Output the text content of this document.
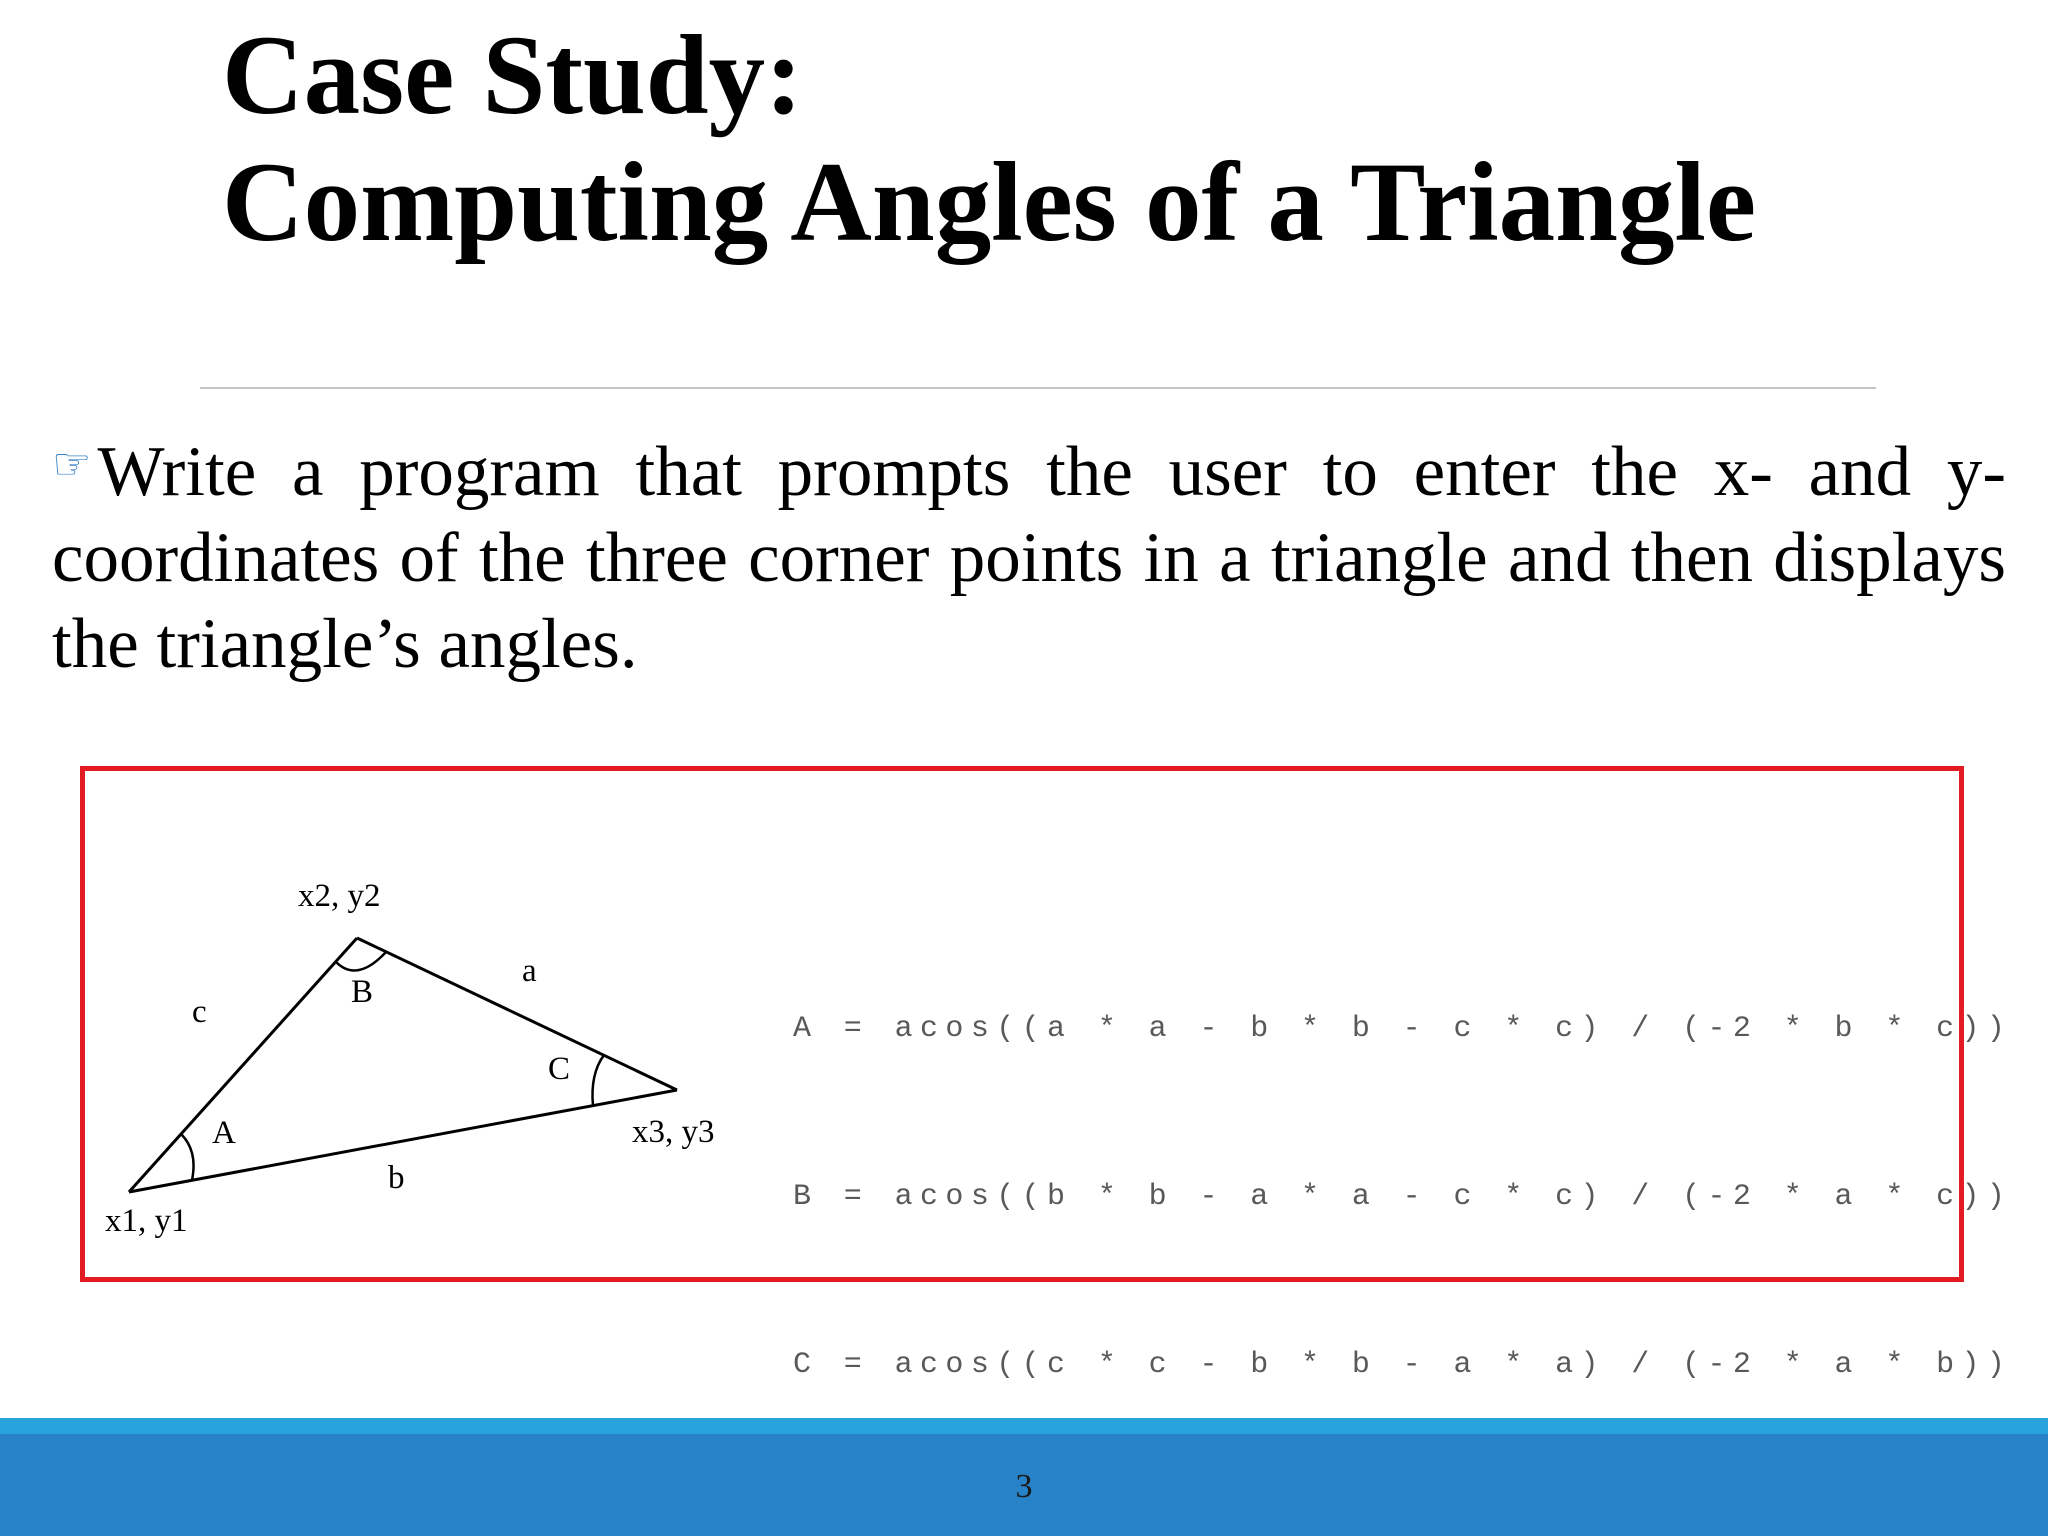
Case Study:
Computing Angles of a Triangle

☞Write a program that prompts the user to enter the x- and y-coordinates of the three corner points in a triangle and then displays the triangle’s angles.

x2, y2
x3, y3
x1, y1
B
C
A
a
c
b

A = acos((a * a - b * b - c * c) / (-2 * b * c))

B = acos((b * b - a * a - c * c) / (-2 * a * c))

C = acos((c * c - b * b - a * a) / (-2 * a * b))

3
